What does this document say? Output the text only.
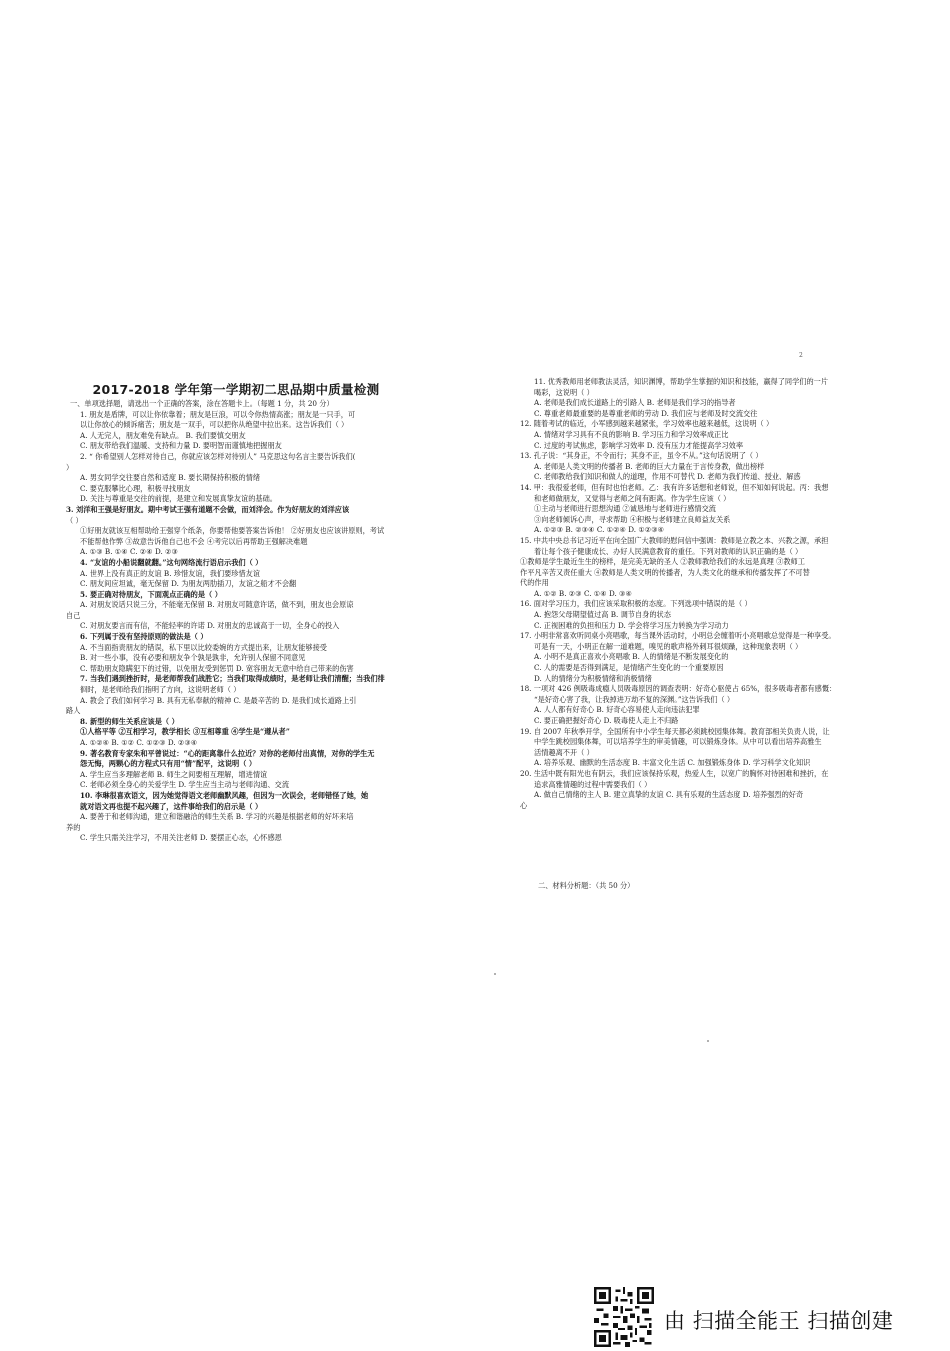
2
2017-2018 学年第一学期初二思品期中质量检测
一、单项选择题，请选出一个正确的答案，涂在答题卡上。（每题 1 分，共 20 分）
1. 朋友是盾牌，可以让你依靠着；朋友是巨浪，可以令你热情高涨；朋友是一只手，可
以让你放心的倾诉痛苦；朋友是一双手，可以把你从绝望中拉出来。这告诉我们（ ）
A. 人无完人，朋友难免有缺点。 B. 我们要慎交朋友
C. 朋友带给我们温暖、支持和力量 D. 要明智而谨慎地把握朋友
2. “ 你希望别人怎样对待自己，你就应该怎样对待别人” 马克思这句名言主要告诉我们(
）
A. 男女同学交往要自然和适度 B. 要长期保持积极的情绪
C. 要克服攀比心理，积极寻找朋友
D. 关注与尊重是交往的前提，是建立和发展真挚友谊的基础。
3. 刘洋和王强是好朋友。期中考试王强有道题不会做，而刘洋会。作为好朋友的刘洋应该
（ ）
①好朋友就该互相帮助给王强穿个纸条，你要帮他要答案告诉他！ ②好朋友也应该讲原则，考试
不能帮他作弊 ③故意告诉他自己也不会 ④考完以后再帮助王强解决难题
A. ①③ B. ①④ C. ②④ D. ②③
4. “友谊的小船说翻就翻。”这句网络流行语启示我们（ ）
A. 世界上没有真正的友谊 B. 珍惜友谊，我们要珍惜友谊
C. 朋友间应坦诚，毫无保留 D. 为朋友两肋插刀，友谊之船才不会翻
5. 要正确对待朋友，下面观点正确的是（ ）
A. 对朋友说话只说三分，不能毫无保留 B. 对朋友可随意许诺，做不到，朋友也会原谅
自己
C. 对朋友要言而有信，不能轻率的许诺 D. 对朋友的忠诚高于一切，全身心的投入
6. 下列属于没有坚持原则的做法是（ ）
A. 不当面指责朋友的错误，私下里以比较委婉的方式提出来，让朋友能够接受
B. 对一些小事，没有必要和朋友争个孰是孰非，允许别人保留不同意见
C. 帮助朋友隐瞒犯下的过错，以免朋友受到惩罚 D. 宽容朋友无意中给自己带来的伤害
7. 当我们遇到挫折时，是老师帮我们战胜它；当我们取得成绩时，是老师让我们清醒；当我们徘
徊时，是老师给我们指明了方向，这说明老师（ ）
A. 教会了我们如何学习 B. 具有无私奉献的精神 C. 是最辛苦的 D. 是我们成长道路上引
路人
8. 新型的师生关系应该是（ ）
①人格平等 ②互相学习，教学相长 ③互相尊重 ④学生是“遵从者”
A. ①②④ B. ①② C. ①②③ D. ②③④
9. 著名教育专家朱和平曾说过：“心的距离靠什么拉近？对你的老师付出真情，对你的学生无
怨无悔，两颗心的方程式只有用“情”配平，这说明（ ）
A. 学生应当多理解老师 B. 师生之间要相互理解，增进情谊
C. 老师必须全身心的关爱学生 D. 学生应当主动与老师沟通、交流
10. 李琳很喜欢语文，因为她觉得语文老师幽默风趣，但因为一次误会，老师错怪了她，她
就对语文再也提不起兴趣了，这件事给我们的启示是（ ）
A. 要善于和老师沟通，建立和谐融洽的师生关系 B. 学习的兴趣是根据老师的好坏来培
养的
C. 学生只需关注学习，不用关注老师 D. 要摆正心态，心怀感恩
11. 优秀教师用老师教法灵活，知识渊博，帮助学生掌握的知识和技能，赢得了同学们的一片
喝彩，这说明（ ）
A. 老师是我们成长道路上的引路人 B. 老师是我们学习的指导者
C. 尊重老师最重要的是尊重老师的劳动 D. 我们应与老师及时交流交往
12. 随着考试的临近，小军感到越来越紧张，学习效率也越来越低，这说明（ ）
A. 情绪对学习具有不良的影响 B. 学习压力和学习效率成正比
C. 过度的考试焦虑，影响学习效率 D. 没有压力才能提高学习效率
13. 孔子说：“其身正，不令而行；其身不正，虽令不从。”这句话说明了（ ）
A. 老师是人类文明的传播者 B. 老师的巨大力量在于言传身教，做出榜样
C. 老师教给我们知识和做人的道理，作用不可替代 D. 老师为我们传道、授业、解惑
14. 甲：我很爱老师，但有时也怕老师。乙：我有许多话想和老师说，但不知如何说起。丙：我想
和老师做朋友，又觉得与老师之间有距离。作为学生应该（ ）
①主动与老师进行思想沟通 ②诚恳地与老师进行感情交流
③向老师倾诉心声，寻求帮助 ④积极与老师建立良师益友关系
A. ①②③ B. ②③④ C. ①②④ D. ①②③④
15. 中共中央总书记习近平在向全国广大教师的慰问信中强调：教师是立教之本、兴教之源，承担
着让每个孩子健康成长、办好人民满意教育的重任。下列对教师的认识正确的是（ ）
①教师是学生最近生生的榜样，是完美无缺的圣人 ②教师教给我们的永远是真理 ③教师工
作平凡辛苦又责任重大 ④教师是人类文明的传播者，为人类文化的继承和传播发挥了不可替
代的作用
A. ①② B. ②③ C. ①④ D. ③④
16. 面对学习压力，我们应该采取积极的态度。下列选项中错误的是（ ）
A. 抱怨父母期望值过高 B. 调节自身的状态
C. 正视困难的负担和压力 D. 学会将学习压力转换为学习动力
17. 小明非常喜欢听同桌小亮唱歌，每当课外活动时，小明总会缠着听小亮唱歌总觉得是一种享受。
可是有一天，小明正在解一道难题，嗅见的歌声格外刺耳很烦躁，这种现象表明（ ）
A. 小明不是真正喜欢小亮唱歌 B. 人的情绪是不断发展变化的
C. 人的需要是否得到满足，是情绪产生变化的一个重要原因
D. 人的情绪分为积极情绪和消极情绪
18. 一项对 426 例吸毒成瘾人员吸毒原因的调查表明：好奇心驱使占 65%，很多吸毒者都有感慨：
“是好奇心害了我，让我掉进万劫不复的深渊。”这告诉我们（ ）
A. 人人都有好奇心 B. 好奇心容易使人走向违法犯罪
C. 要正确把握好奇心 D. 吸毒使人走上不归路
19. 自 2007 年秋季开学，全国所有中小学生每天都必须跳校园集体舞。教育部相关负责人说，让
中学生跳校园集体舞，可以培养学生的审美情趣，可以锻炼身体。从中可以看出培养高雅生
活情趣离不开（ ）
A. 培养乐观、幽默的生活态度 B. 丰富文化生活 C. 加强锻炼身体 D. 学习科学文化知识
20. 生活中既有阳光也有阴云，我们应该保持乐观，热爱人生，以宽广的胸怀对待困难和挫折，在
追求高雅情趣的过程中需要我们（ ）
A. 做自己情绪的主人 B. 建立真挚的友谊 C. 具有乐观的生活态度 D. 培养强烈的好奇
心
二、材料分析题：（共 50 分）
由 扫描全能王 扫描创建
